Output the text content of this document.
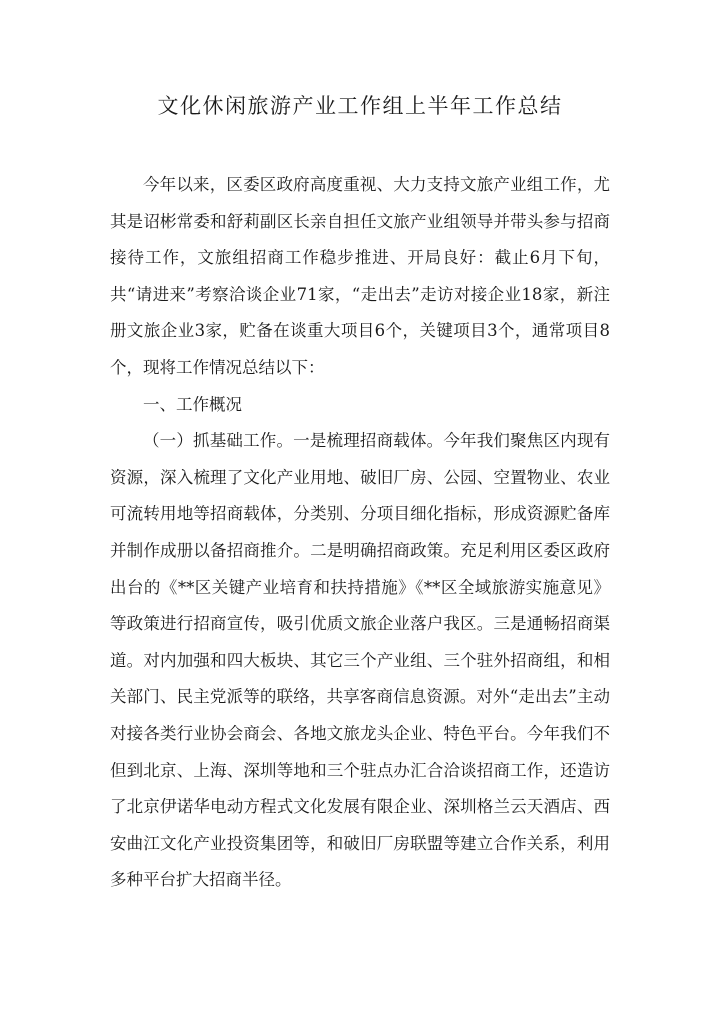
文化休闲旅游产业工作组上半年工作总结

今年以来，区委区政府高度重视、大力支持文旅产业组工作，尤其是诏彬常委和舒莉副区长亲自担任文旅产业组领导并带头参与招商接待工作，文旅组招商工作稳步推进、开局良好：截止6月下旬，共“请进来”考察洽谈企业71家，“走出去”走访对接企业18家，新注册文旅企业3家，贮备在谈重大项目6个，关键项目3个，通常项目8个，现将工作情况总结以下：

一、工作概况

（一）抓基础工作。一是梳理招商载体。今年我们聚焦区内现有资源，深入梳理了文化产业用地、破旧厂房、公园、空置物业、农业可流转用地等招商载体，分类别、分项目细化指标，形成资源贮备库并制作成册以备招商推介。二是明确招商政策。充足利用区委区政府出台的《**区关键产业培育和扶持措施》《**区全域旅游实施意见》等政策进行招商宣传，吸引优质文旅企业落户我区。三是通畅招商渠道。对内加强和四大板块、其它三个产业组、三个驻外招商组，和相关部门、民主党派等的联络，共享客商信息资源。对外“走出去”主动对接各类行业协会商会、各地文旅龙头企业、特色平台。今年我们不但到北京、上海、深圳等地和三个驻点办汇合洽谈招商工作，还造访了北京伊诺华电动方程式文化发展有限企业、深圳格兰云天酒店、西安曲江文化产业投资集团等，和破旧厂房联盟等建立合作关系，利用多种平台扩大招商半径。
